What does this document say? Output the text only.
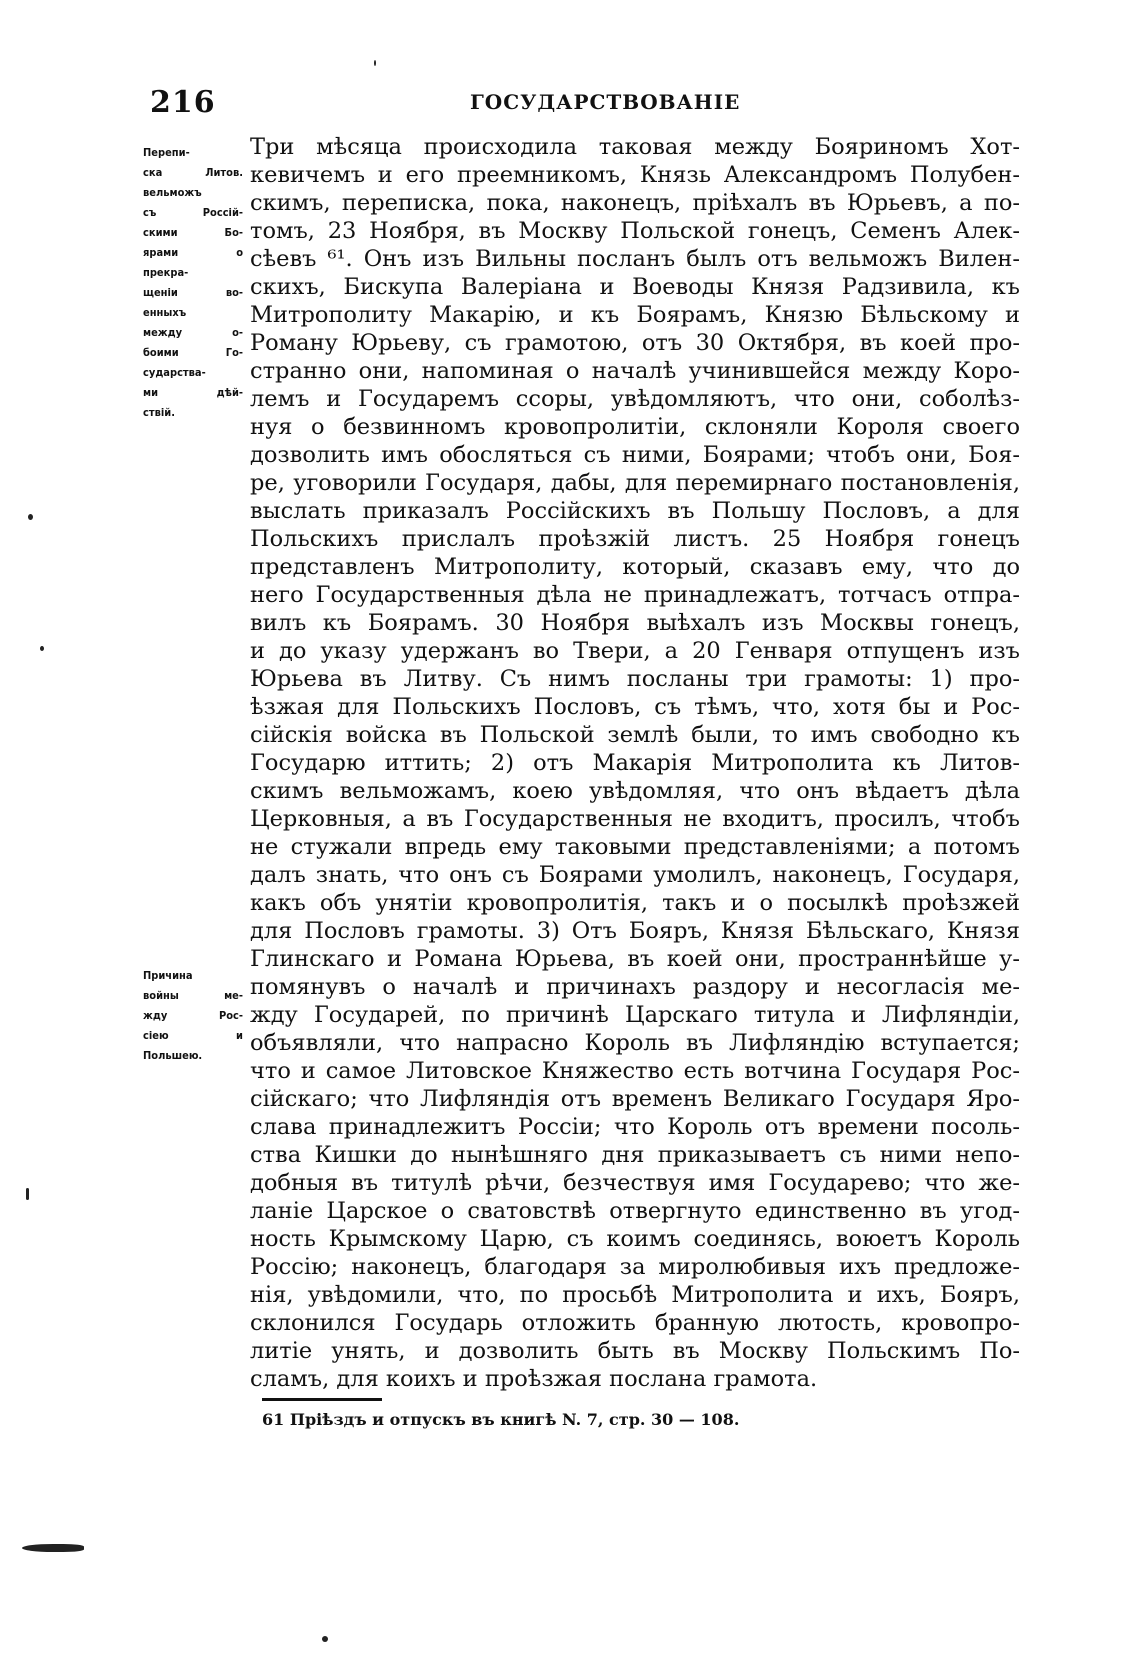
216	ГОСУДАРСТВОВАНІЕ
Перепи-
ска Литов.
вельможъ
съ Россій-
скими Бо-
ярами о
прекра-
щеніи во-
енныхъ
между о-
боими Го-
сударства-
ми дѣй-
ствій.
Причина
войны ме-
жду Рос-
сіею и
Польшею.
Три мѣсяца происходила таковая между Бояриномъ Хот-
кевичемъ и его преемникомъ, Князь Александромъ Полубен-
скимъ, переписка, пока, наконецъ, пріѣхалъ въ Юрьевъ, а по-
томъ, 23 Ноября, въ Москву Польской гонецъ, Семенъ Алек-
сѣевъ ⁶¹. Онъ изъ Вильны посланъ былъ отъ вельможъ Вилен-
скихъ, Бискупа Валеріана и Воеводы Князя Радзивила, къ
Митрополиту Макарію, и къ Боярамъ, Князю Бѣльскому и
Роману Юрьеву, съ грамотою, отъ 30 Октября, въ коей про-
странно они, напоминая о началѣ учинившейся между Коро-
лемъ и Государемъ ссоры, увѣдомляютъ, что они, соболѣз-
нуя о безвинномъ кровопролитіи, склоняли Короля своего
дозволить имъ обосляться съ ними, Боярами; чтобъ они, Боя-
ре, уговорили Государя, дабы, для перемирнаго постановленія,
выслать приказалъ Россійскихъ въ Польшу Пословъ, а для
Польскихъ прислалъ проѣзжій листъ. 25 Ноября гонецъ
представленъ Митрополиту, который, сказавъ ему, что до
него Государственныя дѣла не принадлежатъ, тотчасъ отпра-
вилъ къ Боярамъ. 30 Ноября выѣхалъ изъ Москвы гонецъ,
и до указу удержанъ во Твери, а 20 Генваря отпущенъ изъ
Юрьева въ Литву. Съ нимъ посланы три грамоты: 1) про-
ѣзжая для Польскихъ Пословъ, съ тѣмъ, что, хотя бы и Рос-
сійскія войска въ Польской землѣ были, то имъ свободно къ
Государю иттить; 2) отъ Макарія Митрополита къ Литов-
скимъ вельможамъ, коею увѣдомляя, что онъ вѣдаетъ дѣла
Церковныя, а въ Государственныя не входитъ, просилъ, чтобъ
не стужали впредь ему таковыми представленіями; а потомъ
далъ знать, что онъ съ Боярами умолилъ, наконецъ, Государя,
какъ объ унятіи кровопролитія, такъ и о посылкѣ проѣзжей
для Пословъ грамоты. 3) Отъ Бояръ, Князя Бѣльскаго, Князя
Глинскаго и Романа Юрьева, въ коей они, пространнѣйше у-
помянувъ о началѣ и причинахъ раздору и несогласія ме-
жду Государей, по причинѣ Царскаго титула и Лифляндіи,
объявляли, что напрасно Король въ Лифляндію вступается;
что и самое Литовское Княжество есть вотчина Государя Рос-
сійскаго; что Лифляндія отъ временъ Великаго Государя Яро-
слава принадлежитъ Россіи; что Король отъ времени посоль-
ства Кишки до нынѣшняго дня приказываетъ съ ними непо-
добныя въ титулѣ рѣчи, безчествуя имя Государево; что же-
ланіе Царское о сватовствѣ отвергнуто единственно въ угод-
ность Крымскому Царю, съ коимъ соединясь, воюетъ Король
Россію; наконецъ, благодаря за миролюбивыя ихъ предложе-
нія, увѣдомили, что, по просьбѣ Митрополита и ихъ, Бояръ,
склонился Государь отложить бранную лютость, кровопро-
литіе унять, и дозволить быть въ Москву Польскимъ По-
сламъ, для коихъ и проѣзжая послана грамота.
61 Пріѣздъ и отпускъ въ книгѣ N. 7, стр. 30 — 108.
